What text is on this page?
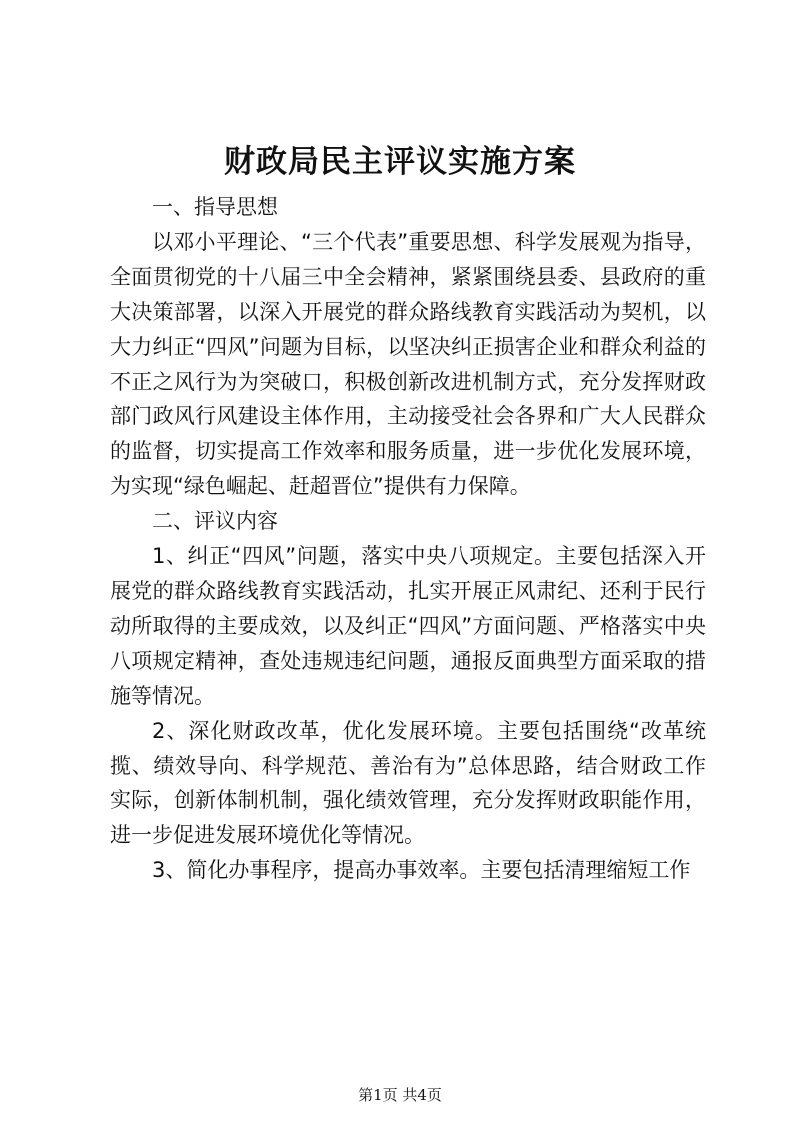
财政局民主评议实施方案

一、指导思想

以邓小平理论、“三个代表”重要思想、科学发展观为指导，全面贯彻党的十八届三中全会精神，紧紧围绕县委、县政府的重大决策部署，以深入开展党的群众路线教育实践活动为契机，以大力纠正“四风”问题为目标，以坚决纠正损害企业和群众利益的不正之风行为为突破口，积极创新改进机制方式，充分发挥财政部门政风行风建设主体作用，主动接受社会各界和广大人民群众的监督，切实提高工作效率和服务质量，进一步优化发展环境，为实现“绿色崛起、赶超晋位”提供有力保障。

二、评议内容

1、纠正“四风”问题，落实中央八项规定。主要包括深入开展党的群众路线教育实践活动，扎实开展正风肃纪、还利于民行动所取得的主要成效，以及纠正“四风”方面问题、严格落实中央八项规定精神，查处违规违纪问题，通报反面典型方面采取的措施等情况。

2、深化财政改革，优化发展环境。主要包括围绕“改革统揽、绩效导向、科学规范、善治有为”总体思路，结合财政工作实际，创新体制机制，强化绩效管理，充分发挥财政职能作用，进一步促进发展环境优化等情况。

3、简化办事程序，提高办事效率。主要包括清理缩短工作

第1页 共4页
